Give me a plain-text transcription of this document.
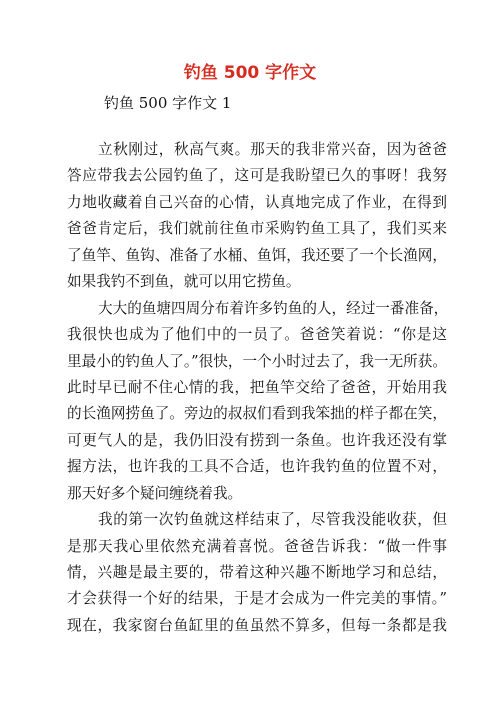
钓鱼 500 字作文

钓鱼 500 字作文 1

立秋刚过，秋高气爽。那天的我非常兴奋，因为爸爸
答应带我去公园钓鱼了，这可是我盼望已久的事呀！我努
力地收藏着自己兴奋的心情，认真地完成了作业，在得到
爸爸肯定后，我们就前往鱼市采购钓鱼工具了，我们买来
了鱼竿、鱼钩、准备了水桶、鱼饵，我还要了一个长渔网，
如果我钓不到鱼，就可以用它捞鱼。

大大的鱼塘四周分布着许多钓鱼的人，经过一番准备，
我很快也成为了他们中的一员了。爸爸笑着说：“你是这
里最小的钓鱼人了。”很快，一个小时过去了，我一无所获。
此时早已耐不住心情的我，把鱼竿交给了爸爸，开始用我
的长渔网捞鱼了。旁边的叔叔们看到我笨拙的样子都在笑，
可更气人的是，我仍旧没有捞到一条鱼。也许我还没有掌
握方法，也许我的工具不合适，也许我钓鱼的位置不对，
那天好多个疑问缠绕着我。

我的第一次钓鱼就这样结束了，尽管我没能收获，但
是那天我心里依然充满着喜悦。爸爸告诉我：“做一件事
情，兴趣是最主要的，带着这种兴趣不断地学习和总结，
才会获得一个好的结果，于是才会成为一件完美的事情。”
现在，我家窗台鱼缸里的鱼虽然不算多，但每一条都是我
